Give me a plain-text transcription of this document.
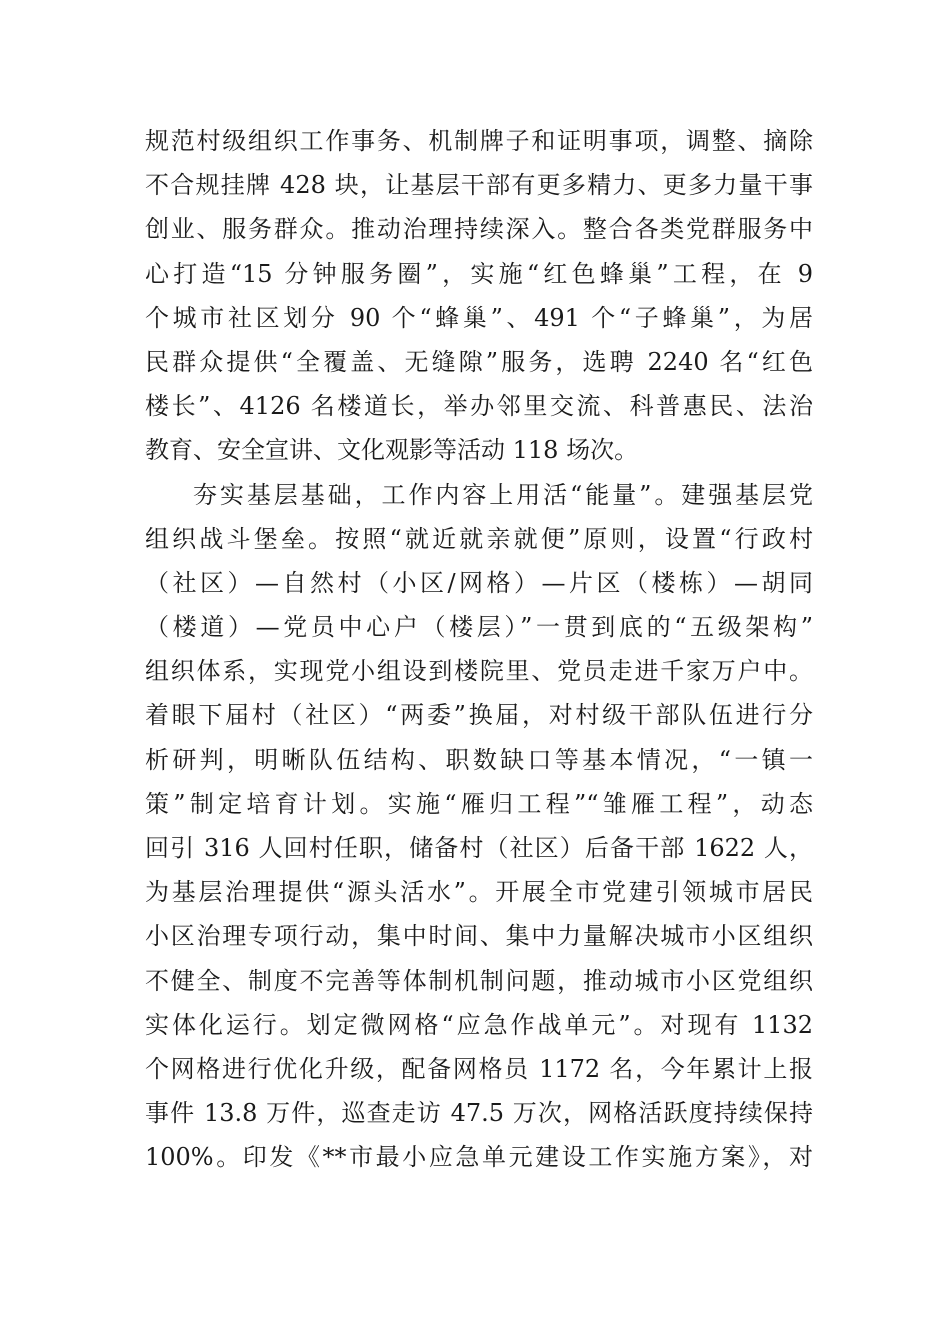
规范村级组织工作事务、机制牌子和证明事项，调整、摘除
不合规挂牌 428 块，让基层干部有更多精力、更多力量干事
创业、服务群众。推动治理持续深入。整合各类党群服务中
心打造“15 分钟服务圈”，实施“红色蜂巢”工程，在 9
个城市社区划分 90 个“蜂巢”、491 个“子蜂巢”，为居
民群众提供“全覆盖、无缝隙”服务，选聘 2240 名“红色
楼长”、4126 名楼道长，举办邻里交流、科普惠民、法治
教育、安全宣讲、文化观影等活动 118 场次。
夯实基层基础，工作内容上用活“能量”。建强基层党
组织战斗堡垒。按照“就近就亲就便”原则，设置“行政村
（社区）—自然村（小区/网格）—片区（楼栋）—胡同
（楼道）—党员中心户（楼层）”一贯到底的“五级架构”
组织体系，实现党小组设到楼院里、党员走进千家万户中。
着眼下届村（社区）“两委”换届，对村级干部队伍进行分
析研判，明晰队伍结构、职数缺口等基本情况，“一镇一
策”制定培育计划。实施“雁归工程”“雏雁工程”，动态
回引 316 人回村任职，储备村（社区）后备干部 1622 人，
为基层治理提供“源头活水”。开展全市党建引领城市居民
小区治理专项行动，集中时间、集中力量解决城市小区组织
不健全、制度不完善等体制机制问题，推动城市小区党组织
实体化运行。划定微网格“应急作战单元”。对现有 1132
个网格进行优化升级，配备网格员 1172 名，今年累计上报
事件 13.8 万件，巡查走访 47.5 万次，网格活跃度持续保持
100%。印发《**市最小应急单元建设工作实施方案》，对
